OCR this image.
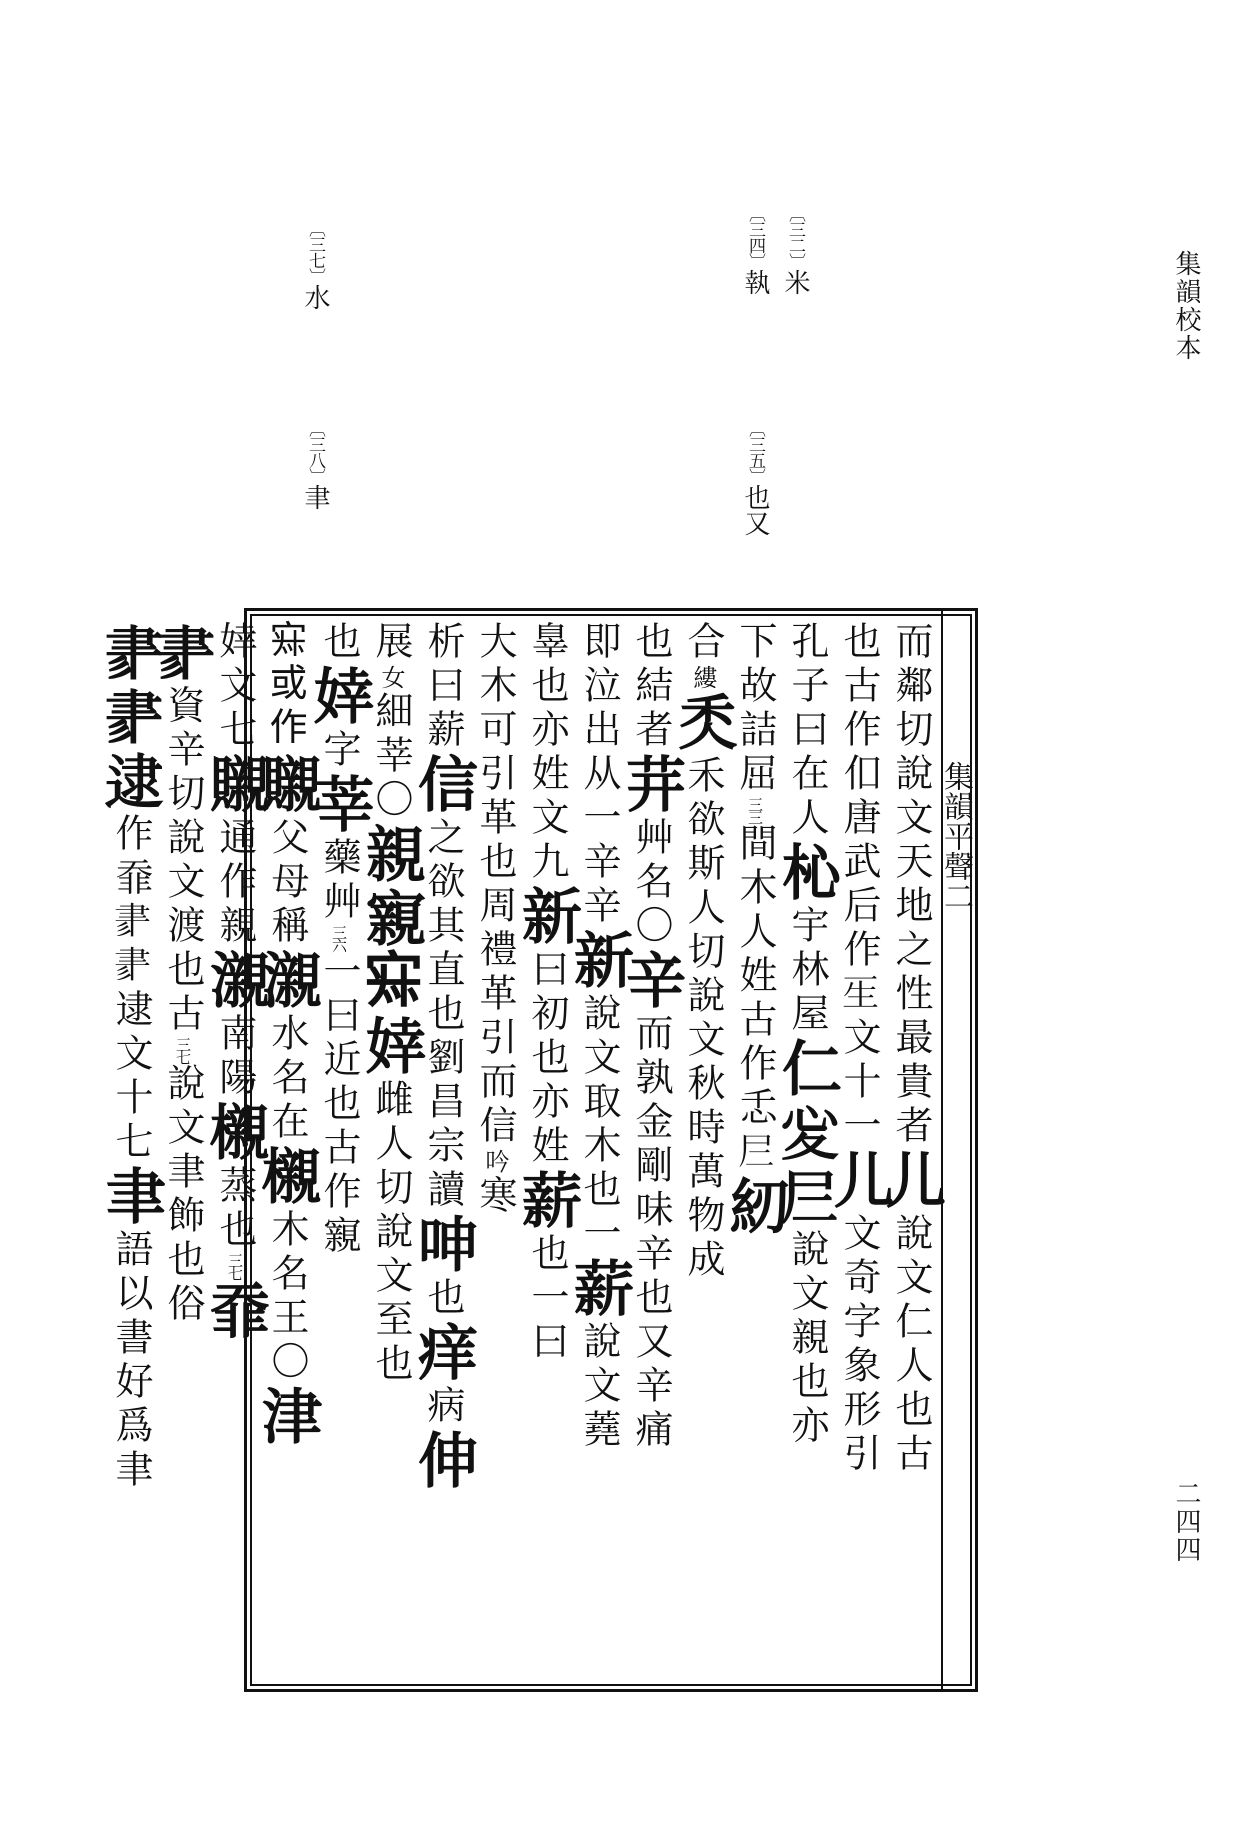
集韻校本
二四四
〔三二〕米
〔三四〕執
〔三五〕也又
〔三七〕水
〔三八〕聿
集韻平聲二
而鄰切說文天地之性最貴者儿說文仁人也古
也古作㐰唐武后作𤯔文十一儿文奇字象形引
孔子曰在人杺宇林屋仁𢖻𡰥說文親也亦
下故詰屈三三間木人姓古作忎𡰥紉
合縷秂禾欲斯人切說文秋時萬物成
也結者茾艸名〇辛而孰金剛味辛也又辛痛
即泣出从一辛辛新說文取木也一薪說文蕘
辠也亦姓文九新曰初也亦姓薪也一曰
大木可引革也周禮革引而信吟寒
析曰薪信之欲其直也劉昌宗讀呻也痒病伸
展女細莘〇親寴𡨜婞雌人切說文至也
也婞字莘藥艸三六一曰近也古作寴
𡨜或作䞋父母稱瀙水名在櫬木名王〇津
婞文七䞋通作親瀙南陽櫬蒸也三七䨿
𦘔資辛切說文渡也古三七說文聿飾也俗
𦘔𦘔逮作䨿𦘔𦘔逮文十七聿語以書好爲聿
